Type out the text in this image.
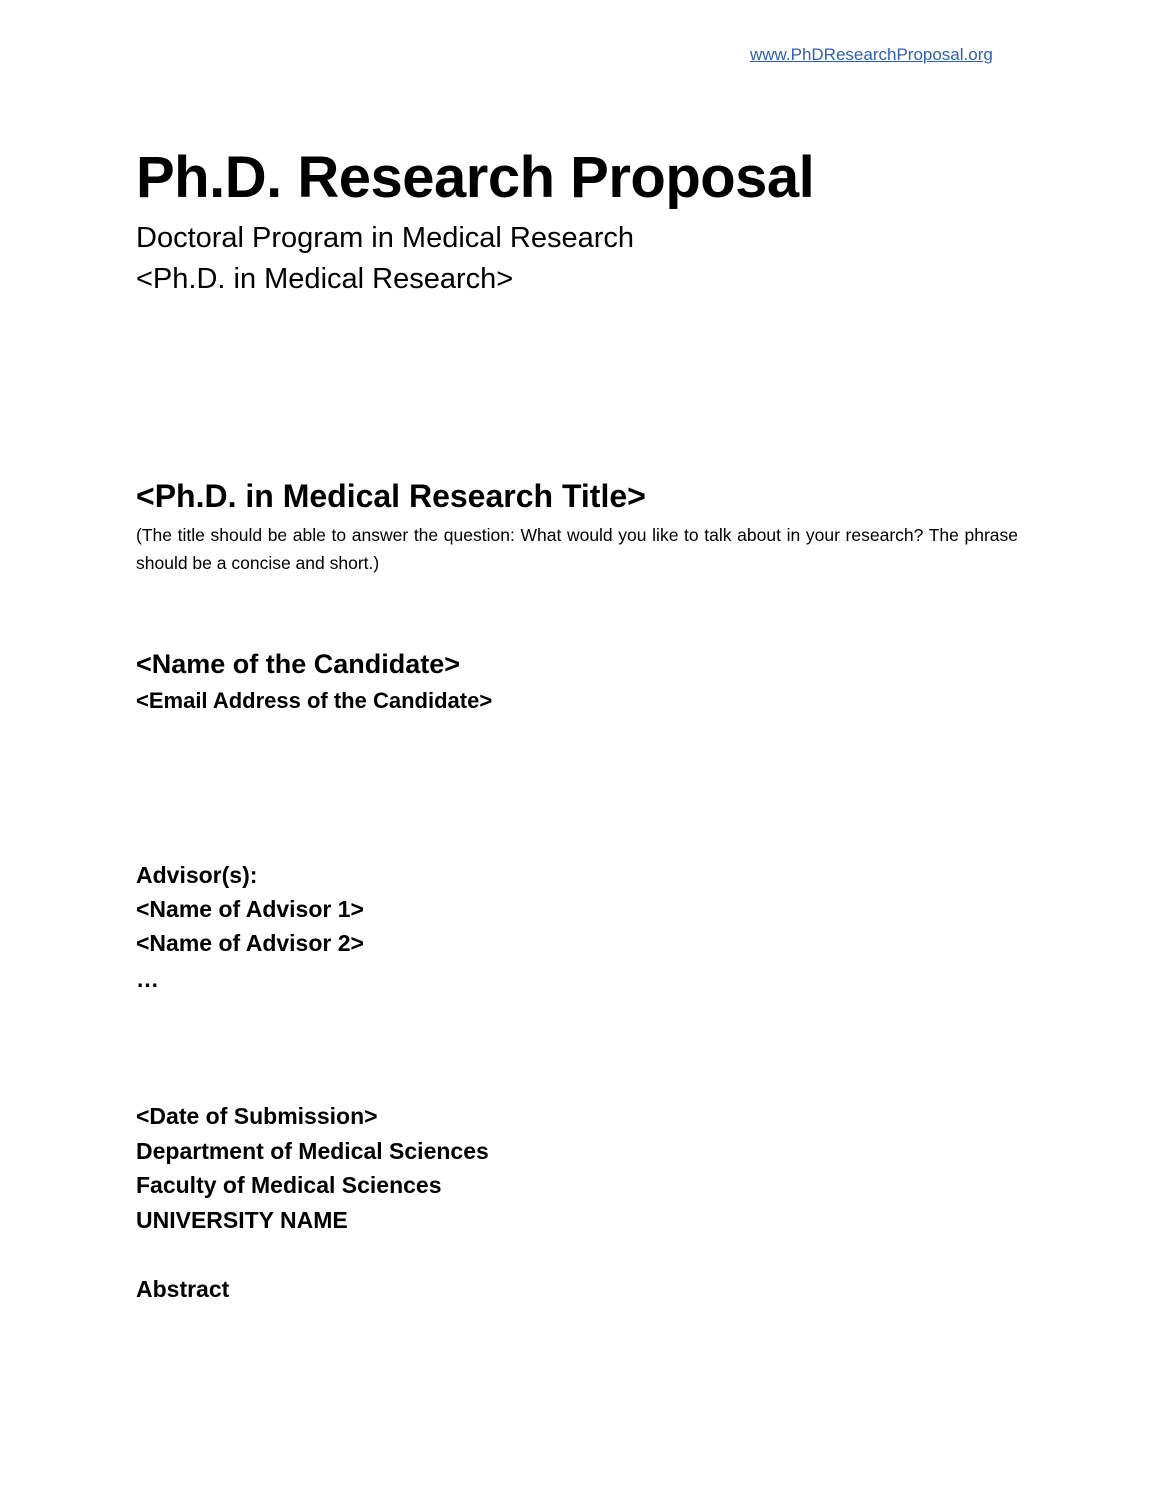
www.PhDResearchProposal.org
Ph.D. Research Proposal

Doctoral Program in Medical Research

<Ph.D. in Medical Research>

<Ph.D. in Medical Research Title>

(The title should be able to answer the question: What would you like to talk about in your research? The phrase should be a concise and short.)

<Name of the Candidate>

<Email Address of the Candidate>

Advisor(s):

<Name of Advisor 1>

<Name of Advisor 2>

…

<Date of Submission>

Department of Medical Sciences

Faculty of Medical Sciences

UNIVERSITY NAME

Abstract
